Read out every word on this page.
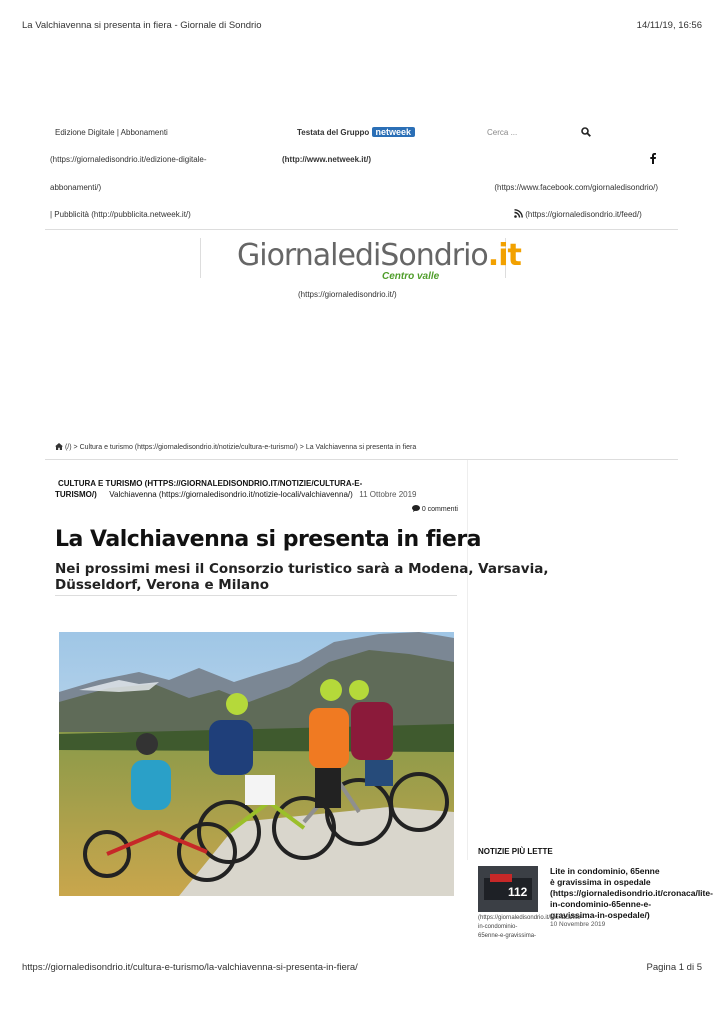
La Valchiavenna si presenta in fiera - Giornale di Sondrio	14/11/19, 16:56
Edizione Digitale | Abbonamenti
(https://giornaledisondrio.it/edizione-digitale-
abbonamenti/)
| Pubblicità (http://pubblicita.netweek.it/)
Testata del Gruppo netweek
(http://www.netweek.it/)
Cerca ...
(https://www.facebook.com/giornaledisondrio/)
(https://giornaledisondrio.it/feed/)
GiornalediSondrio.it
Centro valle
(https://giornaledisondrio.it/)
(/) > Cultura e turismo (https://giornaledisondrio.it/notizie/cultura-e-turismo/) > La Valchiavenna si presenta in fiera
CULTURA E TURISMO (HTTPS://GIORNALEDISONDRIO.IT/NOTIZIE/CULTURA-E-
TURISMO/) Valchiavenna (https://giornaledisondrio.it/notizie-locali/valchiavenna/) 11 Ottobre 2019
0 commenti
La Valchiavenna si presenta in fiera
Nei prossimi mesi il Consorzio turistico sarà a Modena, Varsavia,
Düsseldorf, Verona e Milano
NOTIZIE PIÙ LETTE
112
Lite in condominio, 65enne
è gravissima in ospedale
(https://giornaledisondrio.it/cronaca/lite-
in-condominio-65enne-e-
gravissima-in-ospedale/)
10 Novembre 2019
(https://giornaledisondrio.it/cronaca/lite-
in-condominio-
65enne-e-gravissima-
https://giornaledisondrio.it/cultura-e-turismo/la-valchiavenna-si-presenta-in-fiera/	Pagina 1 di 5
